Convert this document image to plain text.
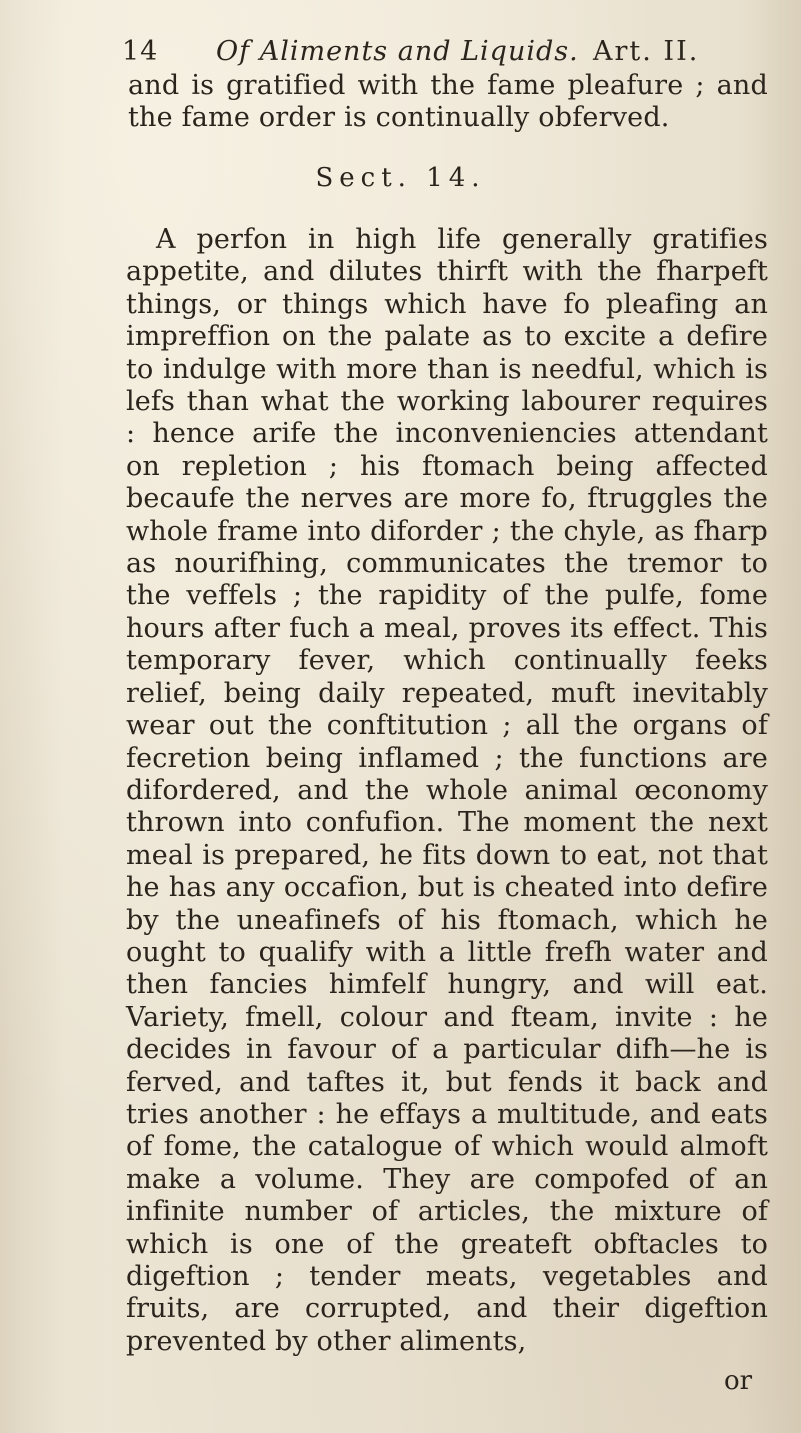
14 Of Aliments and Liquids. Art. II.

and is gratified with the fame pleafure ; and the fame order is continually obferved.

Sect. 14.

A perfon in high life generally gratifies appetite, and dilutes thirft with the fharpeft things, or things which have fo pleafing an impreffion on the palate as to excite a defire to indulge with more than is needful, which is lefs than what the working labourer requires : hence arife the inconveniencies attendant on repletion ; his ftomach being affected becaufe the nerves are more fo, ftruggles the whole frame into diforder ; the chyle, as fharp as nourifhing, communicates the tremor to the veffels ; the rapidity of the pulfe, fome hours after fuch a meal, proves its effect. This temporary fever, which continually feeks relief, being daily repeated, muft inevitably wear out the conftitution ; all the organs of fecretion being inflamed ; the functions are difordered, and the whole animal œconomy thrown into confufion. The moment the next meal is prepared, he fits down to eat, not that he has any occafion, but is cheated into defire by the uneafinefs of his ftomach, which he ought to qualify with a little frefh water and then fancies himfelf hungry, and will eat. Variety, fmell, colour and fteam, invite : he decides in favour of a particular difh—he is ferved, and taftes it, but fends it back and tries another : he effays a multitude, and eats of fome, the catalogue of which would almoft make a volume. They are compofed of an infinite number of articles, the mixture of which is one of the greateft obftacles to digeftion ; tender meats, vegetables and fruits, are corrupted, and their digeftion prevented by other aliments,

or
